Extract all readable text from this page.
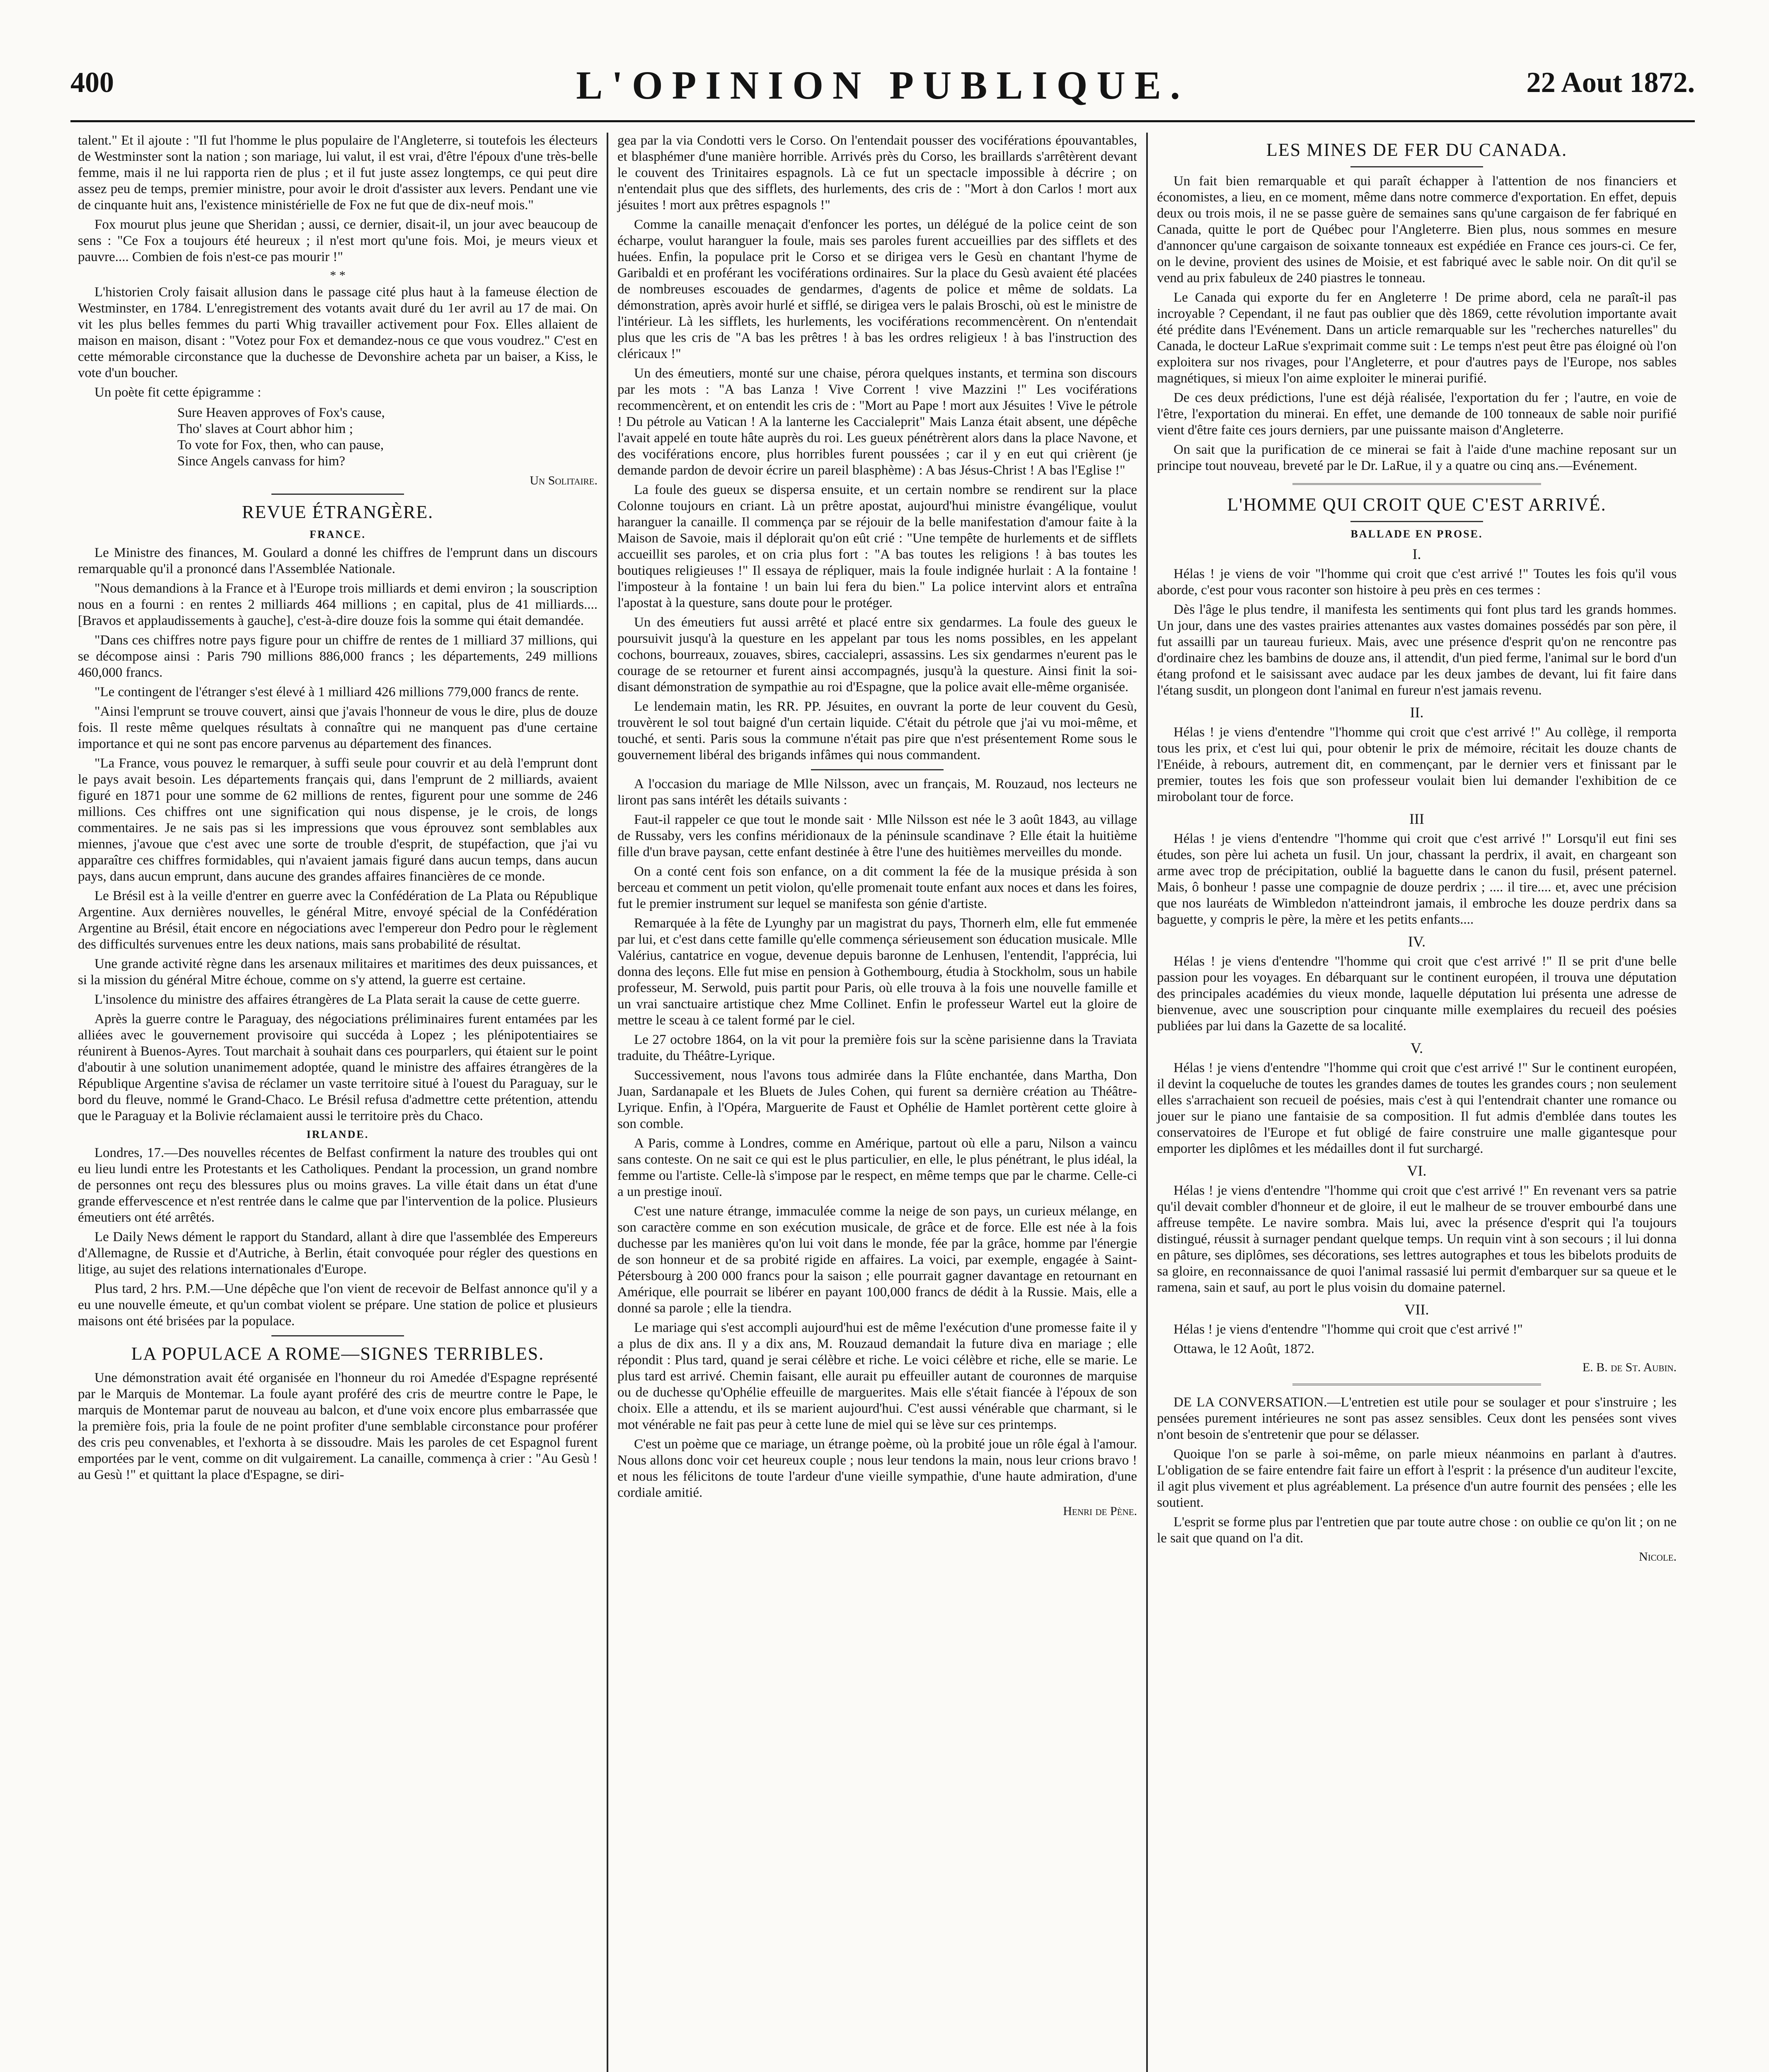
400	L'OPINION PUBLIQUE.	22 Aout 1872.

talent." Et il ajoute : "Il fut l'homme le plus populaire de l'Angleterre, si toutefois les électeurs de Westminster sont la nation ; son mariage, lui valut, il est vrai, d'être l'époux d'une très-belle femme, mais il ne lui rapporta rien de plus ; et il fut juste assez longtemps, ce qui peut dire assez peu de temps, premier ministre, pour avoir le droit d'assister aux levers. Pendant une vie de cinquante huit ans, l'existence ministérielle de Fox ne fut que de dix-neuf mois."

Fox mourut plus jeune que Sheridan ; aussi, ce dernier, disait-il, un jour avec beaucoup de sens : "Ce Fox a toujours été heureux ; il n'est mort qu'une fois. Moi, je meurs vieux et pauvre.... Combien de fois n'est-ce pas mourir !"

* *

L'historien Croly faisait allusion dans le passage cité plus haut à la fameuse élection de Westminster, en 1784. L'enregistrement des votants avait duré du 1er avril au 17 de mai. On vit les plus belles femmes du parti Whig travailler activement pour Fox. Elles allaient de maison en maison, disant : "Votez pour Fox et demandez-nous ce que vous voudrez." C'est en cette mémorable circonstance que la duchesse de Devonshire acheta par un baiser, a Kiss, le vote d'un boucher.

Un poète fit cette épigramme :

Sure Heaven approves of Fox's cause,
Tho' slaves at Court abhor him ;
To vote for Fox, then, who can pause,
Since Angels canvass for him?
Un Solitaire.
REVUE ÉTRANGÈRE.
FRANCE.

Le Ministre des finances, M. Goulard a donné les chiffres de l'emprunt dans un discours remarquable qu'il a prononcé dans l'Assemblée Nationale.

"Nous demandions à la France et à l'Europe trois milliards et demi environ ; la souscription nous en a fourni : en rentes 2 milliards 464 millions ; en capital, plus de 41 milliards.... [Bravos et applaudissements à gauche], c'est-à-dire douze fois la somme qui était demandée.

"Dans ces chiffres notre pays figure pour un chiffre de rentes de 1 milliard 37 millions, qui se décompose ainsi : Paris 790 millions 886,000 francs ; les départements, 249 millions 460,000 francs.

"Le contingent de l'étranger s'est élevé à 1 milliard 426 millions 779,000 francs de rente.

"Ainsi l'emprunt se trouve couvert, ainsi que j'avais l'honneur de vous le dire, plus de douze fois. Il reste même quelques résultats à connaître qui ne manquent pas d'une certaine importance et qui ne sont pas encore parvenus au département des finances.

"La France, vous pouvez le remarquer, à suffi seule pour couvrir et au delà l'emprunt dont le pays avait besoin. Les départements français qui, dans l'emprunt de 2 milliards, avaient figuré en 1871 pour une somme de 62 millions de rentes, figurent pour une somme de 246 millions. Ces chiffres ont une signification qui nous dispense, je le crois, de longs commentaires. Je ne sais pas si les impressions que vous éprouvez sont semblables aux miennes, j'avoue que c'est avec une sorte de trouble d'esprit, de stupéfaction, que j'ai vu apparaître ces chiffres formidables, qui n'avaient jamais figuré dans aucun temps, dans aucun pays, dans aucun emprunt, dans aucune des grandes affaires financières de ce monde.

Le Brésil est à la veille d'entrer en guerre avec la Confédération de La Plata ou République Argentine. Aux dernières nouvelles, le général Mitre, envoyé spécial de la Confédération Argentine au Brésil, était encore en négociations avec l'empereur don Pedro pour le règlement des difficultés survenues entre les deux nations, mais sans probabilité de résultat.

Une grande activité règne dans les arsenaux militaires et maritimes des deux puissances, et si la mission du général Mitre échoue, comme on s'y attend, la guerre est certaine.

L'insolence du ministre des affaires étrangères de La Plata serait la cause de cette guerre.

Après la guerre contre le Paraguay, des négociations préliminaires furent entamées par les alliées avec le gouvernement provisoire qui succéda à Lopez ; les plénipotentiaires se réunirent à Buenos-Ayres. Tout marchait à souhait dans ces pourparlers, qui étaient sur le point d'aboutir à une solution unanimement adoptée, quand le ministre des affaires étrangères de la République Argentine s'avisa de réclamer un vaste territoire situé à l'ouest du Paraguay, sur le bord du fleuve, nommé le Grand-Chaco. Le Brésil refusa d'admettre cette prétention, attendu que le Paraguay et la Bolivie réclamaient aussi le territoire près du Chaco.

IRLANDE.

Londres, 17.—Des nouvelles récentes de Belfast confirment la nature des troubles qui ont eu lieu lundi entre les Protestants et les Catholiques. Pendant la procession, un grand nombre de personnes ont reçu des blessures plus ou moins graves. La ville était dans un état d'une grande effervescence et n'est rentrée dans le calme que par l'intervention de la police. Plusieurs émeutiers ont été arrêtés.

Le Daily News dément le rapport du Standard, allant à dire que l'assemblée des Empereurs d'Allemagne, de Russie et d'Autriche, à Berlin, était convoquée pour régler des questions en litige, au sujet des relations internationales d'Europe.

Plus tard, 2 hrs. P.M.—Une dépêche que l'on vient de recevoir de Belfast annonce qu'il y a eu une nouvelle émeute, et qu'un combat violent se prépare. Une station de police et plusieurs maisons ont été brisées par la populace.

LA POPULACE A ROME—SIGNES TERRIBLES.

Une démonstration avait été organisée en l'honneur du roi Amedée d'Espagne représenté par le Marquis de Montemar. La foule ayant proféré des cris de meurtre contre le Pape, le marquis de Montemar parut de nouveau au balcon, et d'une voix encore plus embarrassée que la première fois, pria la foule de ne point profiter d'une semblable circonstance pour proférer des cris peu convenables, et l'exhorta à se dissoudre. Mais les paroles de cet Espagnol furent emportées par le vent, comme on dit vulgairement. La canaille, commença à crier : "Au Gesù ! au Gesù !" et quittant la place d'Espagne, se diri-

gea par la via Condotti vers le Corso. On l'entendait pousser des vociférations épouvantables, et blasphémer d'une manière horrible. Arrivés près du Corso, les braillards s'arrêtèrent devant le couvent des Trinitaires espagnols. Là ce fut un spectacle impossible à décrire ; on n'entendait plus que des sifflets, des hurlements, des cris de : "Mort à don Carlos ! mort aux jésuites ! mort aux prêtres espagnols !"

Comme la canaille menaçait d'enfoncer les portes, un délégué de la police ceint de son écharpe, voulut haranguer la foule, mais ses paroles furent accueillies par des sifflets et des huées. Enfin, la populace prit le Corso et se dirigea vers le Gesù en chantant l'hyme de Garibaldi et en proférant les vociférations ordinaires. Sur la place du Gesù avaient été placées de nombreuses escouades de gendarmes, d'agents de police et même de soldats. La démonstration, après avoir hurlé et sifflé, se dirigea vers le palais Broschi, où est le ministre de l'intérieur. Là les sifflets, les hurlements, les vociférations recommencèrent. On n'entendait plus que les cris de "A bas les prêtres ! à bas les ordres religieux ! à bas l'instruction des cléricaux !"

Un des émeutiers, monté sur une chaise, pérora quelques instants, et termina son discours par les mots : "A bas Lanza ! Vive Corrent ! vive Mazzini !" Les vociférations recommencèrent, et on entendit les cris de : "Mort au Pape ! mort aux Jésuites ! Vive le pétrole ! Du pétrole au Vatican ! A la lanterne les Caccialeprit" Mais Lanza était absent, une dépêche l'avait appelé en toute hâte auprès du roi. Les gueux pénétrèrent alors dans la place Navone, et des vociférations encore, plus horribles furent poussées ; car il y en eut qui crièrent (je demande pardon de devoir écrire un pareil blasphème) : A bas Jésus-Christ ! A bas l'Eglise !"

La foule des gueux se dispersa ensuite, et un certain nombre se rendirent sur la place Colonne toujours en criant. Là un prêtre apostat, aujourd'hui ministre évangélique, voulut haranguer la canaille. Il commença par se réjouir de la belle manifestation d'amour faite à la Maison de Savoie, mais il déplorait qu'on eût crié : "Une tempête de hurlements et de sifflets accueillit ses paroles, et on cria plus fort : "A bas toutes les religions ! à bas toutes les boutiques religieuses !" Il essaya de répliquer, mais la foule indignée hurlait : A la fontaine ! l'imposteur à la fontaine ! un bain lui fera du bien." La police intervint alors et entraîna l'apostat à la questure, sans doute pour le protéger.

Un des émeutiers fut aussi arrêté et placé entre six gendarmes. La foule des gueux le poursuivit jusqu'à la questure en les appelant par tous les noms possibles, en les appelant cochons, bourreaux, zouaves, sbires, caccialepri, assassins. Les six gendarmes n'eurent pas le courage de se retourner et furent ainsi accompagnés, jusqu'à la questure. Ainsi finit la soi-disant démonstration de sympathie au roi d'Espagne, que la police avait elle-même organisée.

Le lendemain matin, les RR. PP. Jésuites, en ouvrant la porte de leur couvent du Gesù, trouvèrent le sol tout baigné d'un certain liquide. C'était du pétrole que j'ai vu moi-même, et touché, et senti. Paris sous la commune n'était pas pire que n'est présentement Rome sous le gouvernement libéral des brigands infâmes qui nous commandent.

A l'occasion du mariage de Mlle Nilsson, avec un français, M. Rouzaud, nos lecteurs ne liront pas sans intérêt les détails suivants :

Faut-il rappeler ce que tout le monde sait · Mlle Nilsson est née le 3 août 1843, au village de Russaby, vers les confins méridionaux de la péninsule scandinave ? Elle était la huitième fille d'un brave paysan, cette enfant destinée à être l'une des huitièmes merveilles du monde.

On a conté cent fois son enfance, on a dit comment la fée de la musique présida à son berceau et comment un petit violon, qu'elle promenait toute enfant aux noces et dans les foires, fut le premier instrument sur lequel se manifesta son génie d'artiste.

Remarquée à la fête de Lyunghy par un magistrat du pays, Thornerh elm, elle fut emmenée par lui, et c'est dans cette famille qu'elle commença sérieusement son éducation musicale. Mlle Valérius, cantatrice en vogue, devenue depuis baronne de Lenhusen, l'entendit, l'apprécia, lui donna des leçons. Elle fut mise en pension à Gothembourg, étudia à Stockholm, sous un habile professeur, M. Serwold, puis partit pour Paris, où elle trouva à la fois une nouvelle famille et un vrai sanctuaire artistique chez Mme Collinet. Enfin le professeur Wartel eut la gloire de mettre le sceau à ce talent formé par le ciel.

Le 27 octobre 1864, on la vit pour la première fois sur la scène parisienne dans la Traviata traduite, du Théâtre-Lyrique.

Successivement, nous l'avons tous admirée dans la Flûte enchantée, dans Martha, Don Juan, Sardanapale et les Bluets de Jules Cohen, qui furent sa dernière création au Théâtre-Lyrique. Enfin, à l'Opéra, Marguerite de Faust et Ophélie de Hamlet portèrent cette gloire à son comble.

A Paris, comme à Londres, comme en Amérique, partout où elle a paru, Nilson a vaincu sans conteste. On ne sait ce qui est le plus particulier, en elle, le plus pénétrant, le plus idéal, la femme ou l'artiste. Celle-là s'impose par le respect, en même temps que par le charme. Celle-ci a un prestige inouï.

C'est une nature étrange, immaculée comme la neige de son pays, un curieux mélange, en son caractère comme en son exécution musicale, de grâce et de force. Elle est née à la fois duchesse par les manières qu'on lui voit dans le monde, fée par la grâce, homme par l'énergie de son honneur et de sa probité rigide en affaires. La voici, par exemple, engagée à Saint-Pétersbourg à 200 000 francs pour la saison ; elle pourrait gagner davantage en retournant en Amérique, elle pourrait se libérer en payant 100,000 francs de dédit à la Russie. Mais, elle a donné sa parole ; elle la tiendra.

Le mariage qui s'est accompli aujourd'hui est de même l'exécution d'une promesse faite il y a plus de dix ans. Il y a dix ans, M. Rouzaud demandait la future diva en mariage ; elle répondit : Plus tard, quand je serai célèbre et riche. Le voici célèbre et riche, elle se marie. Le plus tard est arrivé. Chemin faisant, elle aurait pu effeuiller autant de couronnes de marquise ou de duchesse qu'Ophélie effeuille de marguerites. Mais elle s'était fiancée à l'époux de son choix. Elle a attendu, et ils se marient aujourd'hui. C'est aussi vénérable que charmant, si le mot vénérable ne fait pas peur à cette lune de miel qui se lève sur ces printemps.

C'est un poème que ce mariage, un étrange poème, où la probité joue un rôle égal à l'amour. Nous allons donc voir cet heureux couple ; nous leur tendons la main, nous leur crions bravo ! et nous les félicitons de toute l'ardeur d'une vieille sympathie, d'une haute admiration, d'une cordiale amitié.

Henri de Pène.
LES MINES DE FER DU CANADA.

Un fait bien remarquable et qui paraît échapper à l'attention de nos financiers et économistes, a lieu, en ce moment, même dans notre commerce d'exportation. En effet, depuis deux ou trois mois, il ne se passe guère de semaines sans qu'une cargaison de fer fabriqué en Canada, quitte le port de Québec pour l'Angleterre. Bien plus, nous sommes en mesure d'annoncer qu'une cargaison de soixante tonneaux est expédiée en France ces jours-ci. Ce fer, on le devine, provient des usines de Moisie, et est fabriqué avec le sable noir. On dit qu'il se vend au prix fabuleux de 240 piastres le tonneau.

Le Canada qui exporte du fer en Angleterre ! De prime abord, cela ne paraît-il pas incroyable ? Cependant, il ne faut pas oublier que dès 1869, cette révolution importante avait été prédite dans l'Evénement. Dans un article remarquable sur les "recherches naturelles" du Canada, le docteur LaRue s'exprimait comme suit : Le temps n'est peut être pas éloigné où l'on exploitera sur nos rivages, pour l'Angleterre, et pour d'autres pays de l'Europe, nos sables magnétiques, si mieux l'on aime exploiter le minerai purifié.

De ces deux prédictions, l'une est déjà réalisée, l'exportation du fer ; l'autre, en voie de l'être, l'exportation du minerai. En effet, une demande de 100 tonneaux de sable noir purifié vient d'être faite ces jours derniers, par une puissante maison d'Angleterre.

On sait que la purification de ce minerai se fait à l'aide d'une machine reposant sur un principe tout nouveau, breveté par le Dr. LaRue, il y a quatre ou cinq ans.—Evénement.

L'HOMME QUI CROIT QUE C'EST ARRIVÉ.
BALLADE EN PROSE.
I.

Hélas ! je viens de voir "l'homme qui croit que c'est arrivé !" Toutes les fois qu'il vous aborde, c'est pour vous raconter son histoire à peu près en ces termes :

Dès l'âge le plus tendre, il manifesta les sentiments qui font plus tard les grands hommes. Un jour, dans une des vastes prairies attenantes aux vastes domaines possédés par son père, il fut assailli par un taureau furieux. Mais, avec une présence d'esprit qu'on ne rencontre pas d'ordinaire chez les bambins de douze ans, il attendit, d'un pied ferme, l'animal sur le bord d'un étang profond et le saisissant avec audace par les deux jambes de devant, lui fit faire dans l'étang susdit, un plongeon dont l'animal en fureur n'est jamais revenu.

II.

Hélas ! je viens d'entendre "l'homme qui croit que c'est arrivé !" Au collège, il remporta tous les prix, et c'est lui qui, pour obtenir le prix de mémoire, récitait les douze chants de l'Enéide, à rebours, autrement dit, en commençant, par le dernier vers et finissant par le premier, toutes les fois que son professeur voulait bien lui demander l'exhibition de ce mirobolant tour de force.

III

Hélas ! je viens d'entendre "l'homme qui croit que c'est arrivé !" Lorsqu'il eut fini ses études, son père lui acheta un fusil. Un jour, chassant la perdrix, il avait, en chargeant son arme avec trop de précipitation, oublié la baguette dans le canon du fusil, présent paternel. Mais, ô bonheur ! passe une compagnie de douze perdrix ; .... il tire.... et, avec une précision que nos lauréats de Wimbledon n'atteindront jamais, il embroche les douze perdrix dans sa baguette, y compris le père, la mère et les petits enfants....

IV.

Hélas ! je viens d'entendre "l'homme qui croit que c'est arrivé !" Il se prit d'une belle passion pour les voyages. En débarquant sur le continent européen, il trouva une députation des principales académies du vieux monde, laquelle députation lui présenta une adresse de bienvenue, avec une souscription pour cinquante mille exemplaires du recueil des poésies publiées par lui dans la Gazette de sa localité.

V.

Hélas ! je viens d'entendre "l'homme qui croit que c'est arrivé !" Sur le continent européen, il devint la coqueluche de toutes les grandes dames de toutes les grandes cours ; non seulement elles s'arrachaient son recueil de poésies, mais c'est à qui l'entendrait chanter une romance ou jouer sur le piano une fantaisie de sa composition. Il fut admis d'emblée dans toutes les conservatoires de l'Europe et fut obligé de faire construire une malle gigantesque pour emporter les diplômes et les médailles dont il fut surchargé.

VI.

Hélas ! je viens d'entendre "l'homme qui croit que c'est arrivé !" En revenant vers sa patrie qu'il devait combler d'honneur et de gloire, il eut le malheur de se trouver embourbé dans une affreuse tempête. Le navire sombra. Mais lui, avec la présence d'esprit qui l'a toujours distingué, réussit à surnager pendant quelque temps. Un requin vint à son secours ; il lui donna en pâture, ses diplômes, ses décorations, ses lettres autographes et tous les bibelots produits de sa gloire, en reconnaissance de quoi l'animal rassasié lui permit d'embarquer sur sa queue et le ramena, sain et sauf, au port le plus voisin du domaine paternel.

VII.

Hélas ! je viens d'entendre "l'homme qui croit que c'est arrivé !"

Ottawa, le 12 Août, 1872.

E. B. de St. Aubin.

DE LA CONVERSATION.—L'entretien est utile pour se soulager et pour s'instruire ; les pensées purement intérieures ne sont pas assez sensibles. Ceux dont les pensées sont vives n'ont besoin de s'entretenir que pour se délasser.

Quoique l'on se parle à soi-même, on parle mieux néanmoins en parlant à d'autres. L'obligation de se faire entendre fait faire un effort à l'esprit : la présence d'un auditeur l'excite, il agit plus vivement et plus agréablement. La présence d'un autre fournit des pensées ; elle les soutient.

L'esprit se forme plus par l'entretien que par toute autre chose : on oublie ce qu'on lit ; on ne le sait que quand on l'a dit.

Nicole.
